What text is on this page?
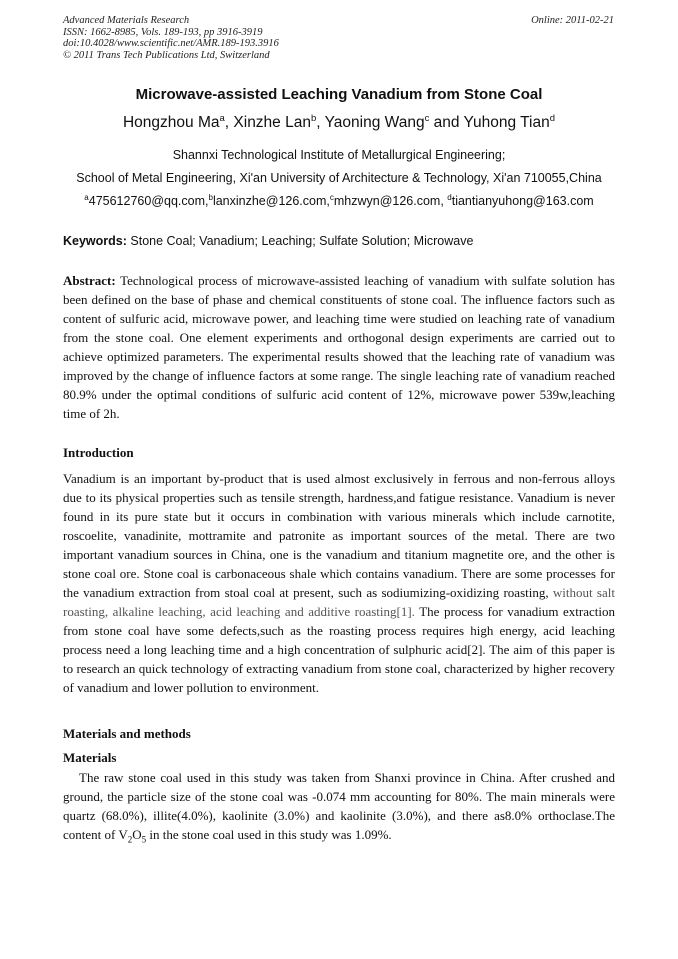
Advanced Materials Research
ISSN: 1662-8985, Vols. 189-193, pp 3916-3919
doi:10.4028/www.scientific.net/AMR.189-193.3916
© 2011 Trans Tech Publications Ltd, Switzerland
Online: 2011-02-21
Microwave-assisted Leaching Vanadium from Stone Coal
Hongzhou Ma$^a$, Xinzhe Lan$^b$, Yaoning Wang$^c$ and Yuhong Tian$^d$
Shannxi Technological Institute of Metallurgical Engineering;
School of Metal Engineering, Xi'an University of Architecture & Technology, Xi'an 710055,China
$^a$475612760@qq.com,$^b$lanxinzhe@126.com,$^c$mhzwyn@126.com, $^d$tiantianyuhong@163.com
Keywords: Stone Coal; Vanadium; Leaching; Sulfate Solution; Microwave
Abstract: Technological process of microwave-assisted leaching of vanadium with sulfate solution has been defined on the base of phase and chemical constituents of stone coal. The influence factors such as content of sulfuric acid, microwave power, and leaching time were studied on leaching rate of vanadium from the stone coal. One element experiments and orthogonal design experiments are carried out to achieve optimized parameters. The experimental results showed that the leaching rate of vanadium was improved by the change of influence factors at some range. The single leaching rate of vanadium reached 80.9% under the optimal conditions of sulfuric acid content of 12%, microwave power 539w,leaching time of 2h.
Introduction
Vanadium is an important by-product that is used almost exclusively in ferrous and non-ferrous alloys due to its physical properties such as tensile strength, hardness,and fatigue resistance. Vanadium is never found in its pure state but it occurs in combination with various minerals which include carnotite, roscoelite, vanadinite, mottramite and patronite as important sources of the metal. There are two important vanadium sources in China, one is the vanadium and titanium magnetite ore, and the other is stone coal ore. Stone coal is carbonaceous shale which contains vanadium. There are some processes for the vanadium extraction from stoal coal at present, such as sodiumizing-oxidizing roasting, without salt roasting, alkaline leaching, acid leaching and additive roasting[1]. The process for vanadium extraction from stone coal have some defects,such as the roasting process requires high energy, acid leaching process need a long leaching time and a high concentration of sulphuric acid[2]. The aim of this paper is to research an quick technology of extracting vanadium from stone coal, characterized by higher recovery of vanadium and lower pollution to environment.
Materials and methods
Materials
The raw stone coal used in this study was taken from Shanxi province in China. After crushed and ground, the particle size of the stone coal was -0.074 mm accounting for 80%. The main minerals were quartz (68.0%), illite(4.0%), kaolinite (3.0%) and kaolinite (3.0%), and there as8.0% orthoclase.The content of $V_2O_5$ in the stone coal used in this study was 1.09%.
